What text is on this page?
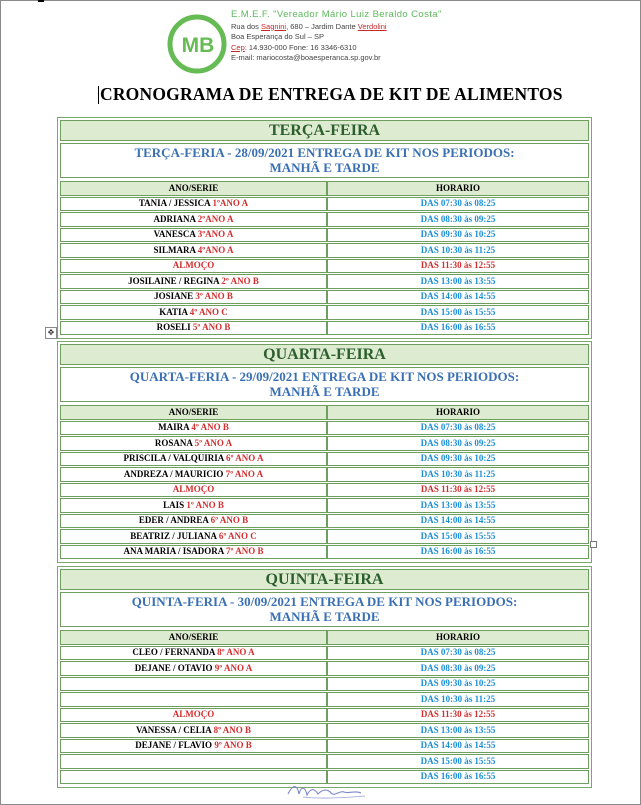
MB
E.M.E.F. "Vereador Mário Luiz Beraldo Costa"
Rua dos Sagnini, 680 – Jardim Dante Verdolini
Boa Esperança do Sul – SP
Cep: 14.930-000 Fone: 16 3346-6310
E-mail: mariocosta@boaesperanca.sp.gov.br
CRONOGRAMA DE ENTREGA DE KIT DE ALIMENTOS
TERÇA-FEIRA
TERÇA-FERIA - 28/09/2021 ENTREGA DE KIT NOS PERIODOS:
MANHÃ E TARDE
ANO/SERIE	HORARIO
TANIA / JESSICA 1ºANO A	DAS 07:30 às 08:25
ADRIANA 2ºANO A	DAS 08:30 às 09:25
VANESCA 3ºANO A	DAS 09:30 às 10:25
SILMARA 4ºANO A	DAS 10:30 às 11:25
ALMOÇO	DAS 11:30 às 12:55
JOSILAINE / REGINA 2º ANO B	DAS 13:00 às 13:55
JOSIANE 3º ANO B	DAS 14:00 às 14:55
KATIA 4º ANO C	DAS 15:00 às 15:55
ROSELI 5º ANO B	DAS 16:00 às 16:55
✥
QUARTA-FEIRA
QUARTA-FERIA - 29/09/2021 ENTREGA DE KIT NOS PERIODOS:
MANHÃ E TARDE
ANO/SERIE	HORARIO
MAIRA 4º ANO B	DAS 07:30 às 08:25
ROSANA 5º ANO A	DAS 08:30 às 09:25
PRISCILA / VALQUIRIA 6º ANO A	DAS 09:30 às 10:25
ANDREZA / MAURICIO 7º ANO A	DAS 10:30 às 11:25
ALMOÇO	DAS 11:30 às 12:55
LAIS 1º ANO B	DAS 13:00 às 13:55
EDER / ANDREA 6º ANO B	DAS 14:00 às 14:55
BEATRIZ / JULIANA 6º ANO C	DAS 15:00 às 15:55
ANA MARIA / ISADORA 7º ANO B	DAS 16:00 às 16:55
QUINTA-FEIRA
QUINTA-FERIA - 30/09/2021 ENTREGA DE KIT NOS PERIODOS:
MANHÃ E TARDE
ANO/SERIE	HORARIO
CLEO / FERNANDA 8º ANO A	DAS 07:30 às 08:25
DEJANE / OTAVIO 9º ANO A	DAS 08:30 às 09:25
	DAS 09:30 às 10:25
	DAS 10:30 às 11:25
ALMOÇO	DAS 11:30 às 12:55
VANESSA / CELIA 8º ANO B	DAS 13:00 às 13:55
DEJANE / FLAVIO 9º ANO B	DAS 14:00 às 14:55
	DAS 15:00 às 15:55
	DAS 16:00 às 16:55
